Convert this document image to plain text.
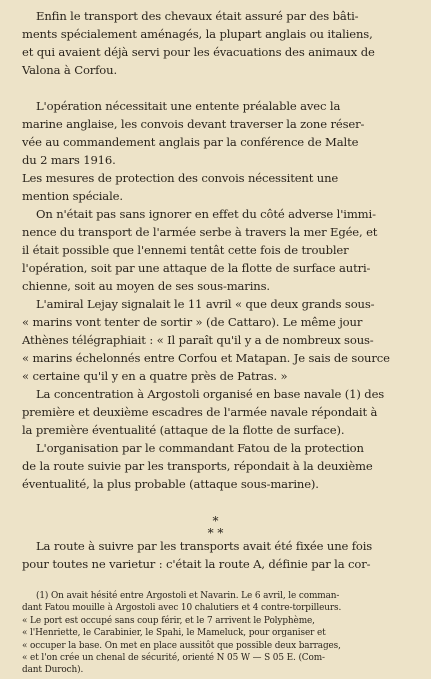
Enfin le transport des chevaux était assuré par des bâti-
ments spécialement aménagés, la plupart anglais ou italiens,
et qui avaient déjà servi pour les évacuations des animaux de
Valona à Corfou.
L'opération nécessitait une entente préalable avec la
marine anglaise, les convois devant traverser la zone réser-
vée au commandement anglais par la conférence de Malte
du 2 mars 1916.
Les mesures de protection des convois nécessitent une
mention spéciale.
On n'était pas sans ignorer en effet du côté adverse l'immi-
nence du transport de l'armée serbe à travers la mer Egée, et
il était possible que l'ennemi tentât cette fois de troubler
l'opération, soit par une attaque de la flotte de surface autri-
chienne, soit au moyen de ses sous-marins.
L'amiral Lejay signalait le 11 avril « que deux grands sous-
« marins vont tenter de sortir » (de Cattaro). Le même jour
Athènes télégraphiait : « Il paraît qu'il y a de nombreux sous-
« marins échelonnés entre Corfou et Matapan. Je sais de source
« certaine qu'il y en a quatre près de Patras. »
La concentration à Argostoli organisé en base navale (1) des
première et deuxième escadres de l'armée navale répondait à
la première éventualité (attaque de la flotte de surface).
L'organisation par le commandant Fatou de la protection
de la route suivie par les transports, répondait à la deuxième
éventualité, la plus probable (attaque sous-marine).
*
* *
La route à suivre par les transports avait été fixée une fois
pour toutes ne varietur : c'était la route A, définie par la cor-
(1) On avait hésité entre Argostoli et Navarin. Le 6 avril, le comman-
dant Fatou mouille à Argostoli avec 10 chalutiers et 4 contre-torpilleurs.
« Le port est occupé sans coup férir, et le 7 arrivent le Polyphème,
« l'Henriette, le Carabinier, le Spahi, le Mameluck, pour organiser et
« occuper la base. On met en place aussitôt que possible deux barrages,
« et l'on crée un chenal de sécurité, orienté N 05 W — S 05 E. (Com-
dant Duroch).
